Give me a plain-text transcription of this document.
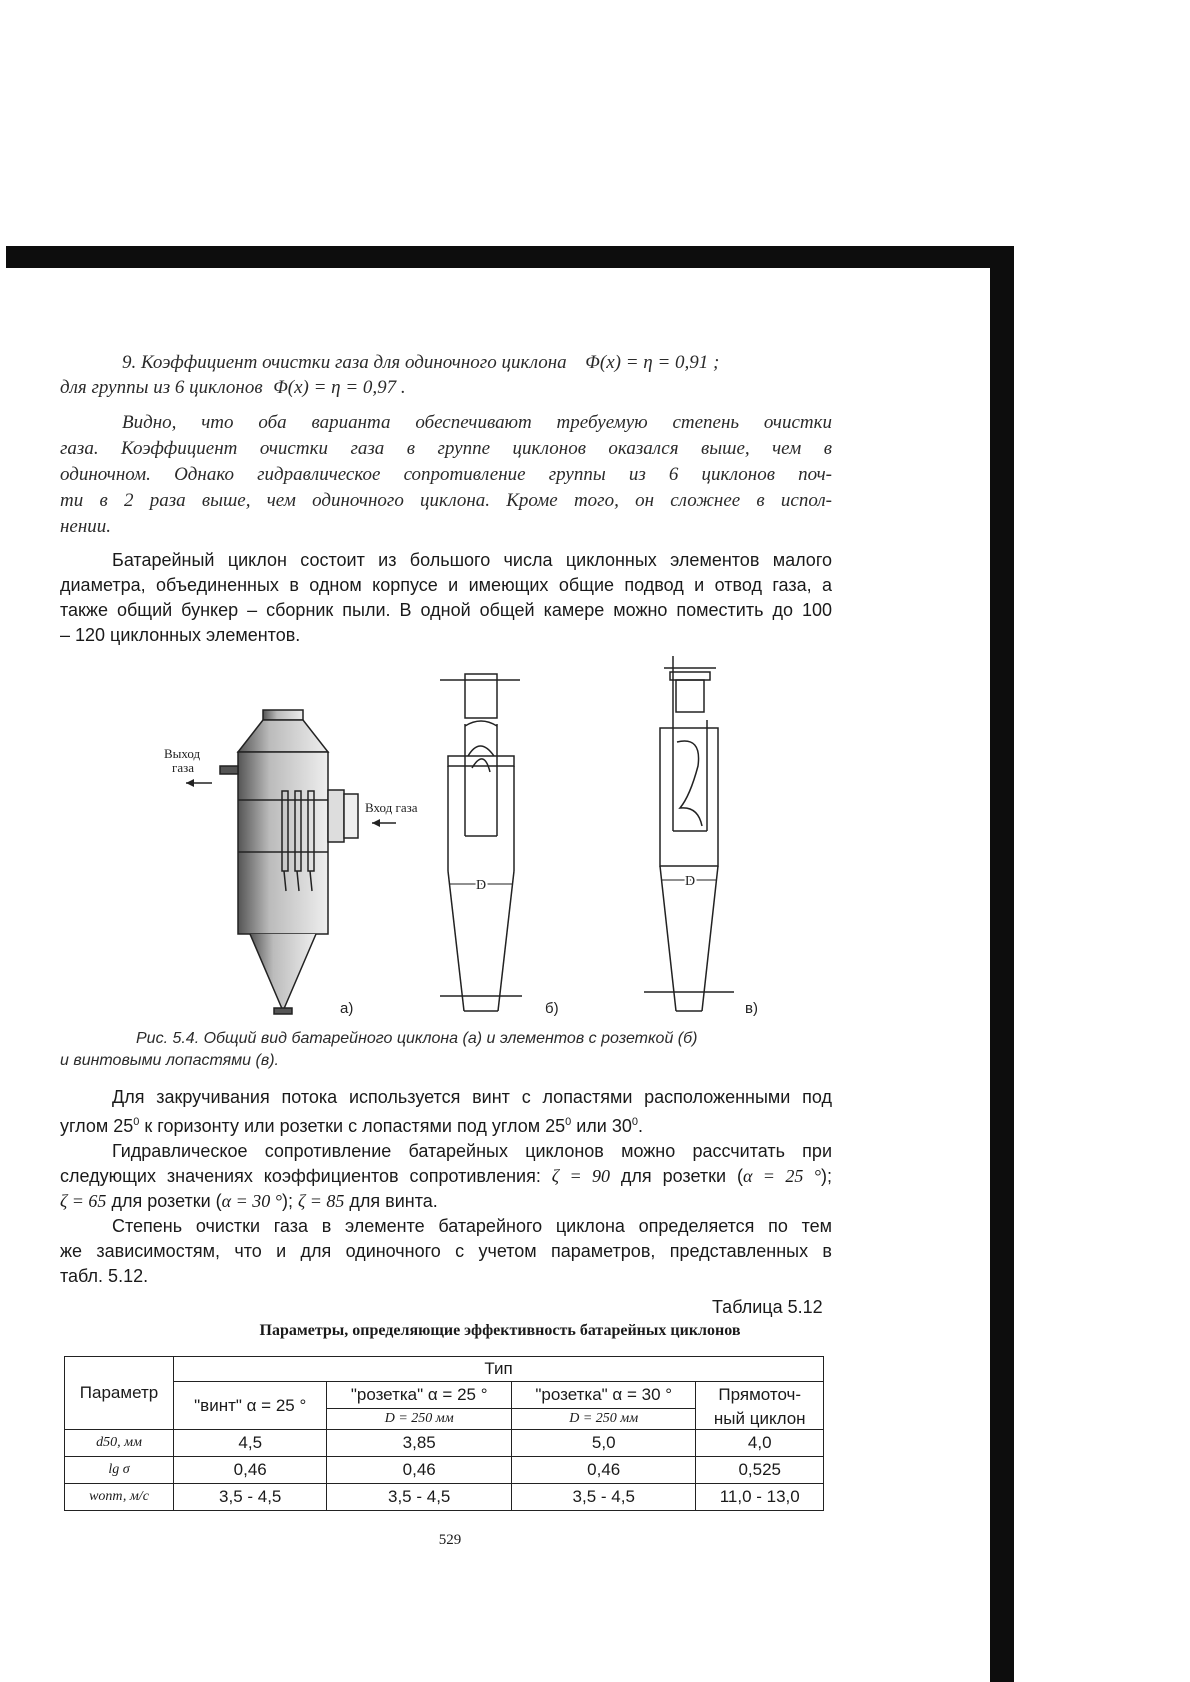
9. Коэффициент очистки газа для одиночного циклона Φ(x) = η = 0,91 ;
для группы из 6 циклонов Φ(x) = η = 0,97 .
Видно, что оба варианта обеспечивают требуемую степень очистки
газа. Коэффициент очистки газа в группе циклонов оказался выше, чем в
одиночном. Однако гидравлическое сопротивление группы из 6 циклонов поч-
ти в 2 раза выше, чем одиночного циклона. Кроме того, он сложнее в испол-
нении.
Батарейный циклон состоит из большого числа циклонных элементов малого
диаметра, объединенных в одном корпусе и имеющих общие подвод и отвод газа, а
также общий бункер – сборник пыли. В одной общей камере можно поместить до 100
– 120 циклонных элементов.
Выход
газа
Вход газа
а)
D
б)
D
в)
Рис. 5.4. Общий вид батарейного циклона (а) и элементов с розеткой (б)
и винтовыми лопастями (в).
Для закручивания потока используется винт с лопастями расположенными под
углом $25^0$ к горизонту или розетки с лопастями под углом $25^0$ или $30^0$.
Гидравлическое сопротивление батарейных циклонов можно рассчитать при
следующих значениях коэффициентов сопротивления: ζ = 90 для розетки (α = 25 °);
ζ = 65 для розетки (α = 30 °); ζ = 85 для винта.
Степень очистки газа в элементе батарейного циклона определяется по тем
же зависимостям, что и для одиночного с учетом параметров, представленных в
табл. 5.12.
Таблица 5.12
Параметры, определяющие эффективность батарейных циклонов
Параметр	Тип			
	"винт" α = 25 °	"розетка" α = 25 °	"розетка" α = 30 °	Прямоточ-
		D = 250 мм	D = 250 мм	ный циклон
d50, мм	4,5	3,85	5,0	4,0
lg σ	0,46	0,46	0,46	0,525
wопт, м/с	3,5 - 4,5	3,5 - 4,5	3,5 - 4,5	11,0 - 13,0
529
